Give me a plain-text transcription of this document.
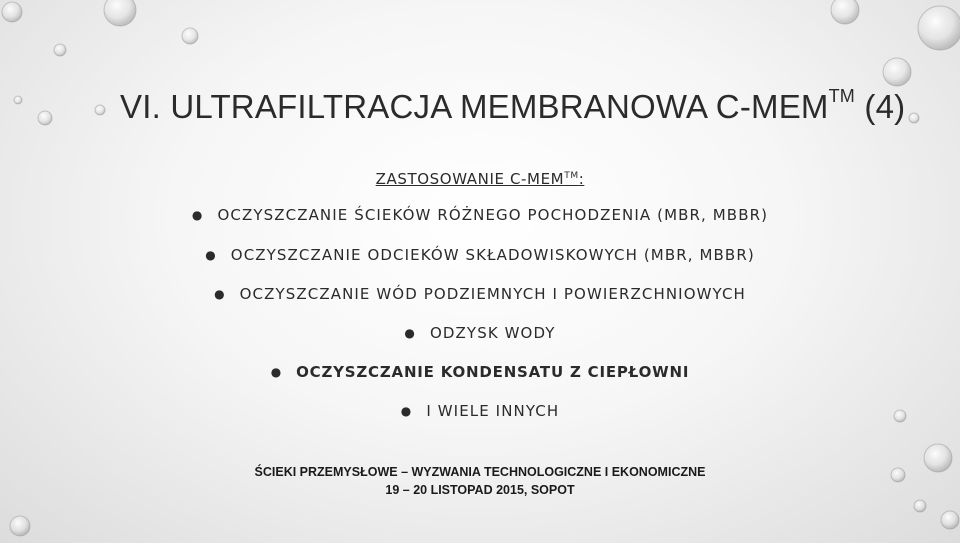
VI. ULTRAFILTRACJA MEMBRANOWA C-MEM™ (4)
ZASTOSOWANIE C-MEM™:
● OCZYSZCZANIE ŚCIEKÓW RÓŻNEGO POCHODZENIA (MBR, MBBR)
● OCZYSZCZANIE ODCIEKÓW SKŁADOWISKOWYCH (MBR, MBBR)
● OCZYSZCZANIE WÓD PODZIEMNYCH I POWIERZCHNIOWYCH
● ODZYSK WODY
● OCZYSZCZANIE KONDENSATU Z CIEPŁOWNI
● I WIELE INNYCH
ŚCIEKI PRZEMYSŁOWE – WYZWANIA TECHNOLOGICZNE I EKONOMICZNE
19 – 20 LISTOPAD 2015, SOPOT
